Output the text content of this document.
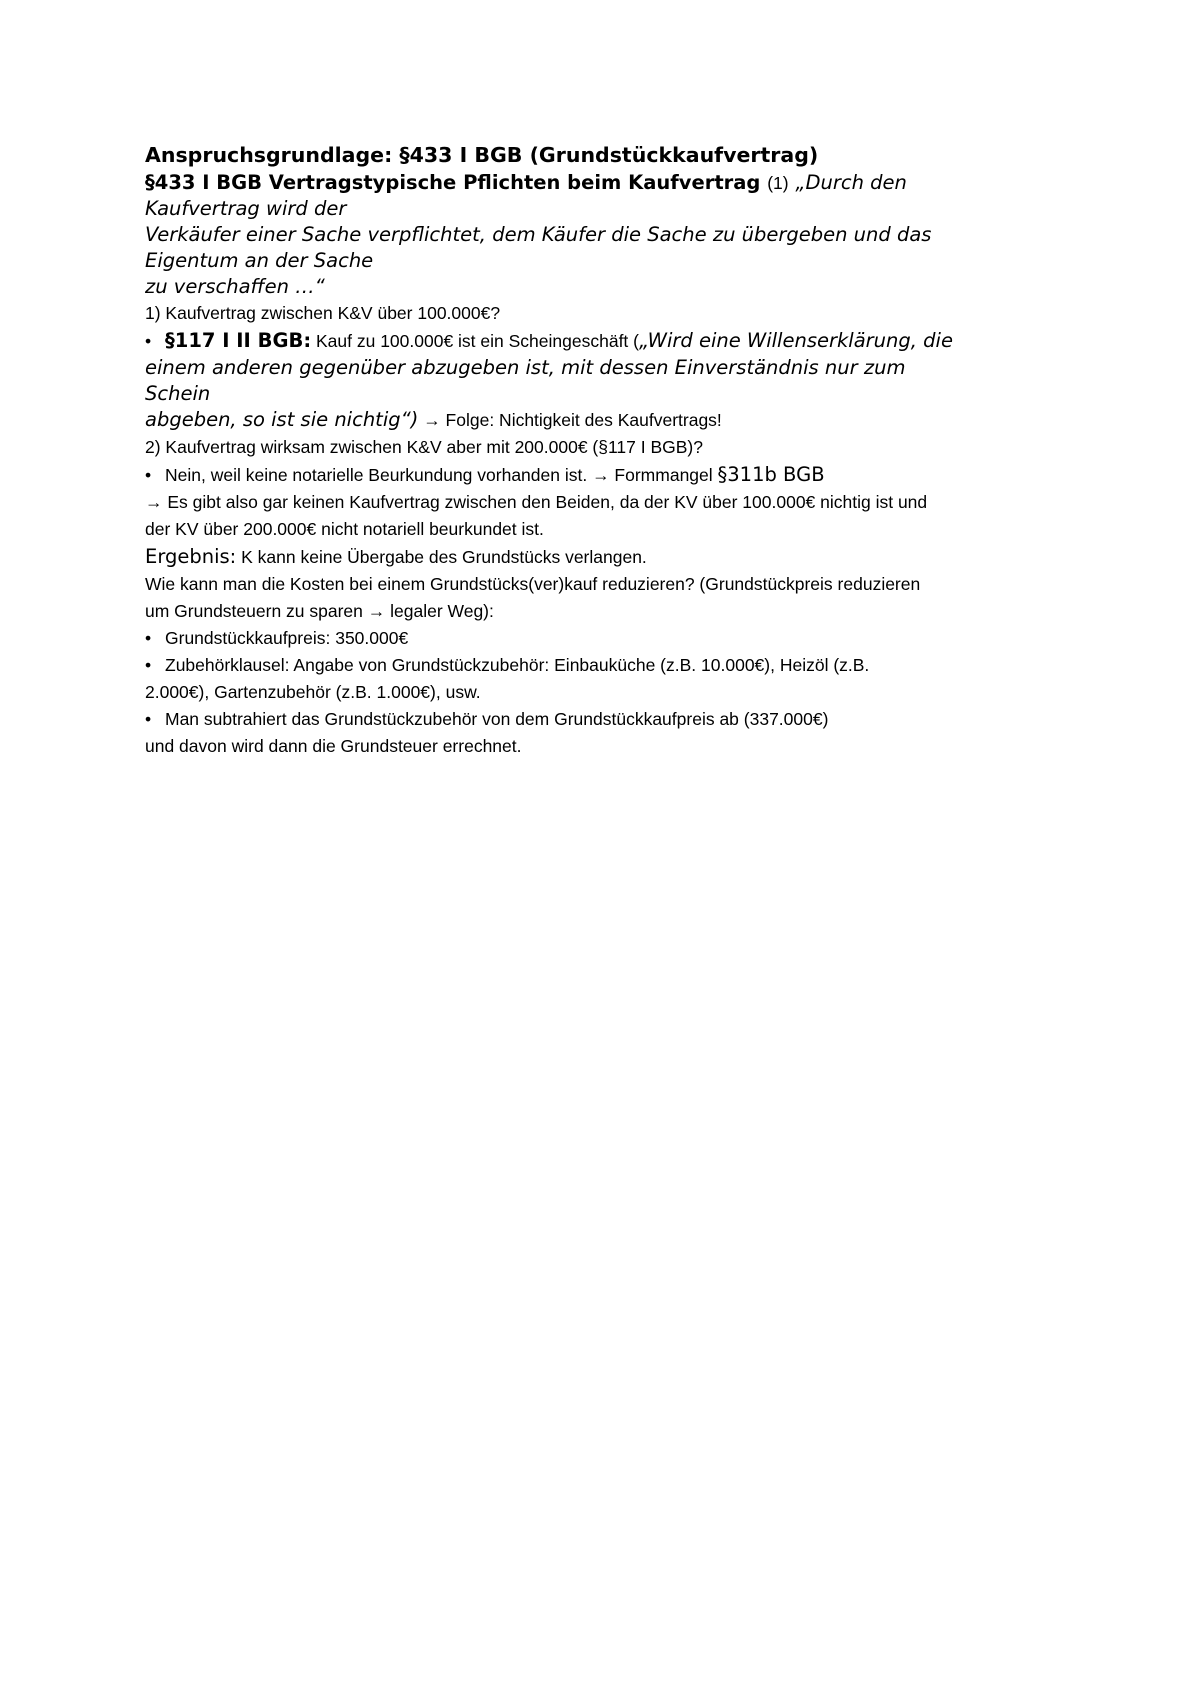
Anspruchsgrundlage: §433 I BGB (Grundstückkaufvertrag)

§433 I BGB Vertragstypische Pflichten beim Kaufvertrag (1) „Durch den

Kaufvertrag wird der

Verkäufer einer Sache verpflichtet, dem Käufer die Sache zu übergeben und das

Eigentum an der Sache

zu verschaffen …“

1) Kaufvertrag zwischen K&V über 100.000€?

• §117 I II BGB: Kauf zu 100.000€ ist ein Scheingeschäft („Wird eine Willenserklärung, die

einem anderen gegenüber abzugeben ist, mit dessen Einverständnis nur zum

Schein

abgeben, so ist sie nichtig“) → Folge: Nichtigkeit des Kaufvertrags!

2) Kaufvertrag wirksam zwischen K&V aber mit 200.000€ (§117 I BGB)?

• Nein, weil keine notarielle Beurkundung vorhanden ist. → Formmangel §311b BGB

→ Es gibt also gar keinen Kaufvertrag zwischen den Beiden, da der KV über 100.000€ nichtig ist und

der KV über 200.000€ nicht notariell beurkundet ist.

Ergebnis: K kann keine Übergabe des Grundstücks verlangen.

Wie kann man die Kosten bei einem Grundstücks(ver)kauf reduzieren? (Grundstückpreis reduzieren

um Grundsteuern zu sparen → legaler Weg):

• Grundstückkaufpreis: 350.000€

• Zubehörklausel: Angabe von Grundstückzubehör: Einbauküche (z.B. 10.000€), Heizöl (z.B.

2.000€), Gartenzubehör (z.B. 1.000€), usw.

• Man subtrahiert das Grundstückzubehör von dem Grundstückkaufpreis ab (337.000€)

und davon wird dann die Grundsteuer errechnet.
